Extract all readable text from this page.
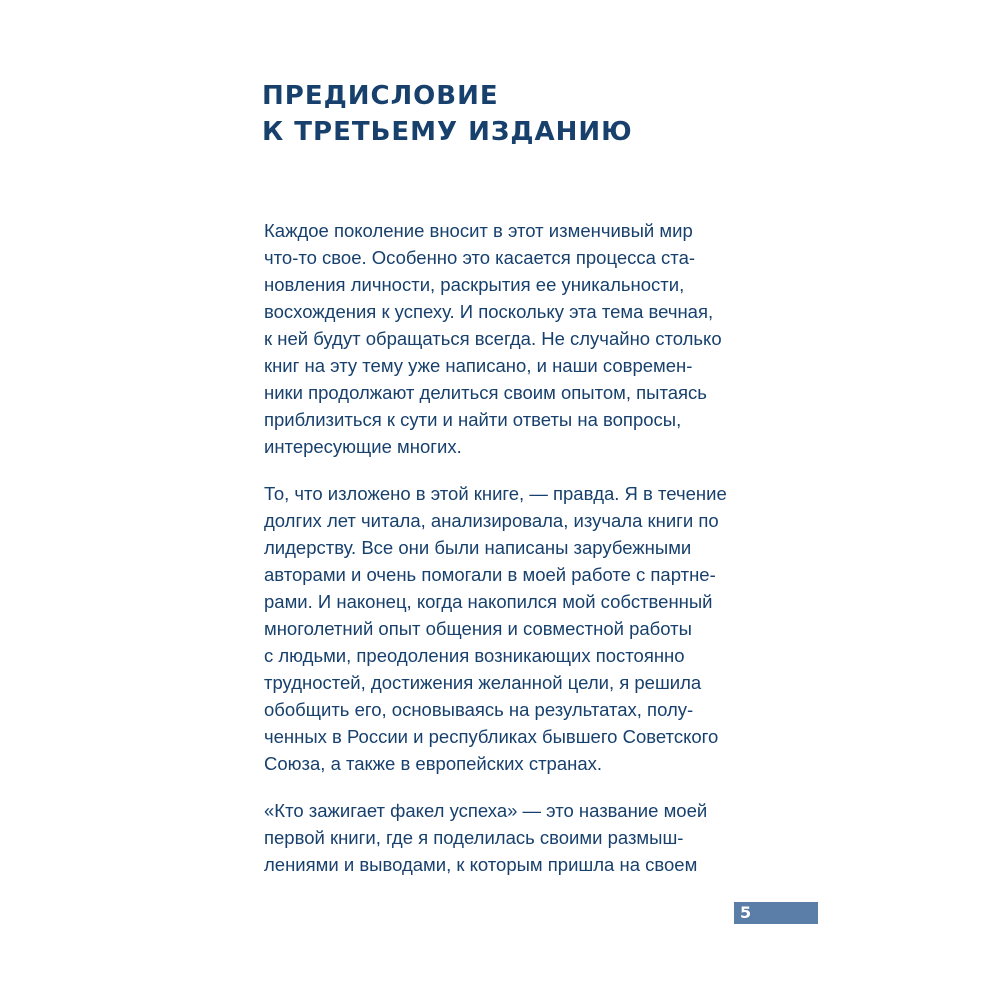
ПРЕДИСЛОВИЕ
К ТРЕТЬЕМУ ИЗДАНИЮ

Каждое поколение вносит в этот изменчивый мир
что-то свое. Особенно это касается процесса ста-
новления личности, раскрытия ее уникальности,
восхождения к успеху. И поскольку эта тема вечная,
к ней будут обращаться всегда. Не случайно столько
книг на эту тему уже написано, и наши современ-
ники продолжают делиться своим опытом, пытаясь
приблизиться к сути и найти ответы на вопросы,
интересующие многих.

То, что изложено в этой книге, — правда. Я в течение
долгих лет читала, анализировала, изучала книги по
лидерству. Все они были написаны зарубежными
авторами и очень помогали в моей работе с партне-
рами. И наконец, когда накопился мой собственный
многолетний опыт общения и совместной работы
с людьми, преодоления возникающих постоянно
трудностей, достижения желанной цели, я решила
обобщить его, основываясь на результатах, полу-
ченных в России и республиках бывшего Советского
Союза, а также в европейских странах.

«Кто зажигает факел успеха» — это название моей
первой книги, где я поделилась своими размыш-
лениями и выводами, к которым пришла на своем

5
